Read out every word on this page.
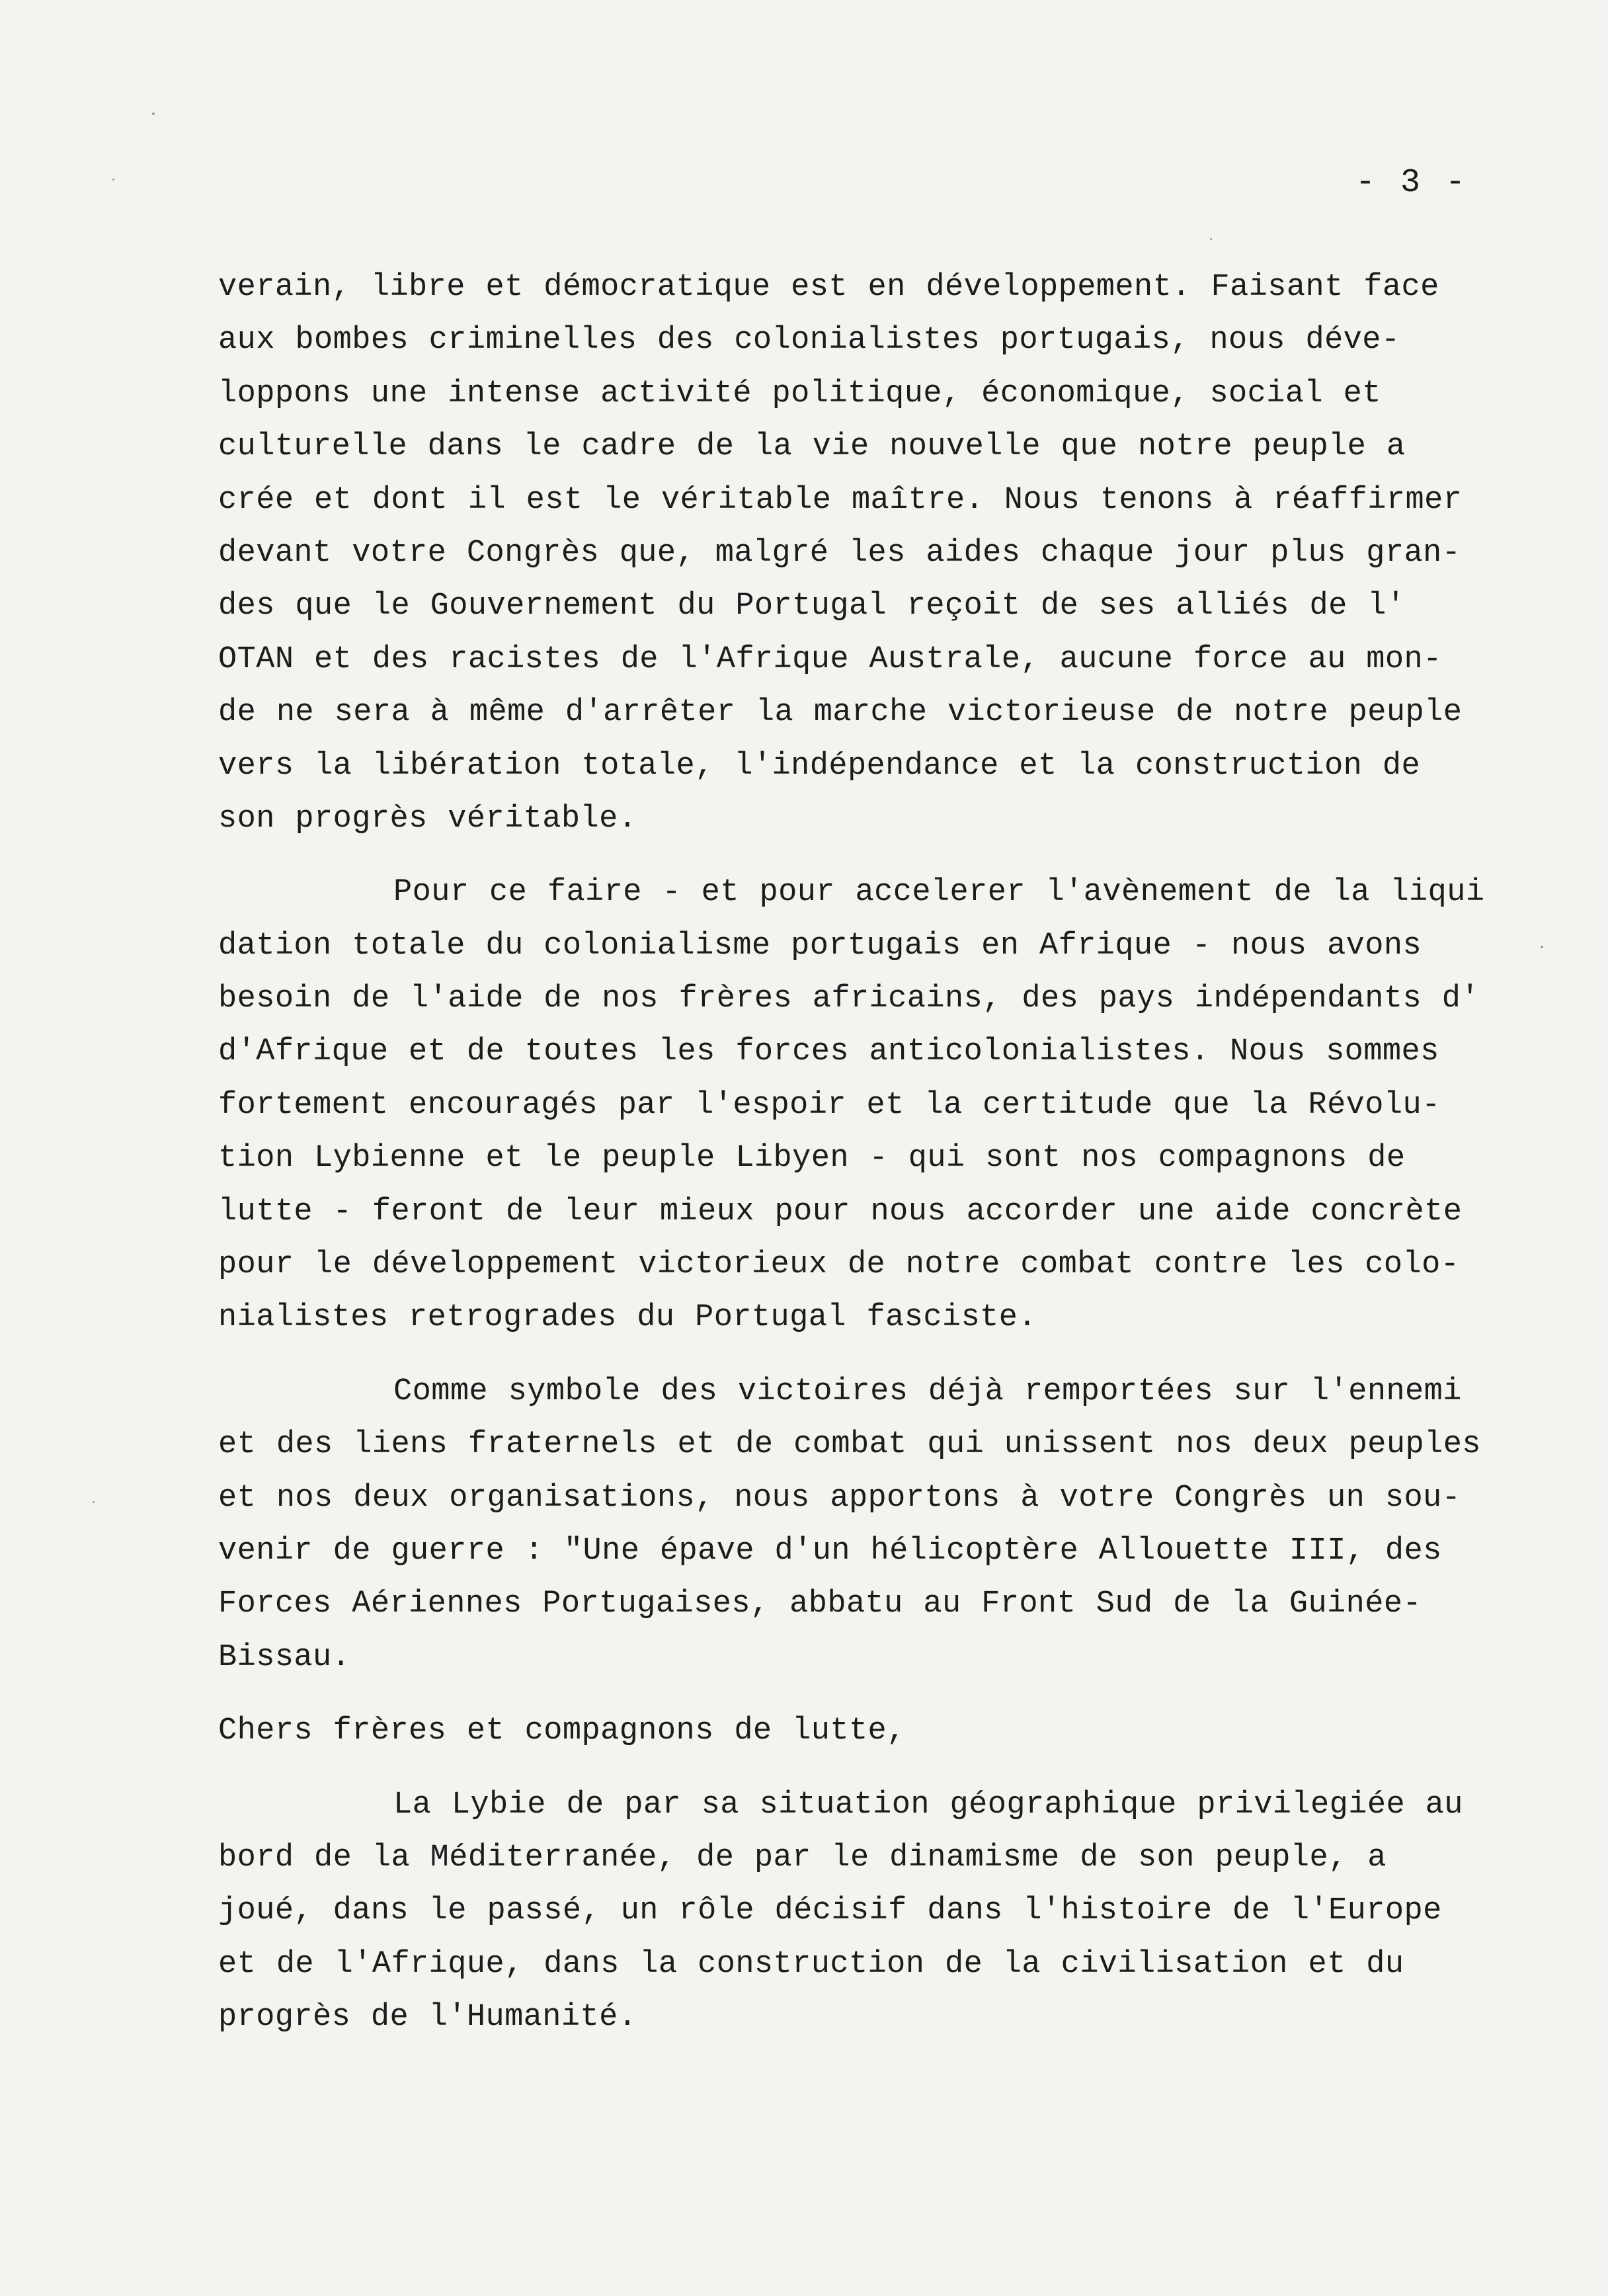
- 3 -
verain, libre et démocratique est en développement. Faisant face
aux bombes criminelles des colonialistes portugais, nous déve-
loppons une intense activité politique, économique, social et
culturelle dans le cadre de la vie nouvelle que notre peuple a
crée et dont il est le véritable maître. Nous tenons à réaffirmer
devant votre Congrès que, malgré les aides chaque jour plus gran-
des que le Gouvernement du Portugal reçoit de ses alliés de l'
OTAN et des racistes de l'Afrique Australe, aucune force au mon-
de ne sera à même d'arrêter la marche victorieuse de notre peuple
vers la libération totale, l'indépendance et la construction de
son progrès véritable.
Pour ce faire - et pour accelerer l'avènement de la liqui
dation totale du colonialisme portugais en Afrique - nous avons
besoin de l'aide de nos frères africains, des pays indépendants d'
d'Afrique et de toutes les forces anticolonialistes. Nous sommes
fortement encouragés par l'espoir et la certitude que la Révolu-
tion Lybienne et le peuple Libyen - qui sont nos compagnons de
lutte - feront de leur mieux pour nous accorder une aide concrète
pour le développement victorieux de notre combat contre les colo-
nialistes retrogrades du Portugal fasciste.
Comme symbole des victoires déjà remportées sur l'ennemi
et des liens fraternels et de combat qui unissent nos deux peuples
et nos deux organisations, nous apportons à votre Congrès un sou-
venir de guerre : "Une épave d'un hélicoptère Allouette III, des
Forces Aériennes Portugaises, abbatu au Front Sud de la Guinée-
Bissau.
Chers frères et compagnons de lutte,
La Lybie de par sa situation géographique privilegiée au
bord de la Méditerranée, de par le dinamisme de son peuple, a
joué, dans le passé, un rôle décisif dans l'histoire de l'Europe
et de l'Afrique, dans la construction de la civilisation et du
progrès de l'Humanité.
